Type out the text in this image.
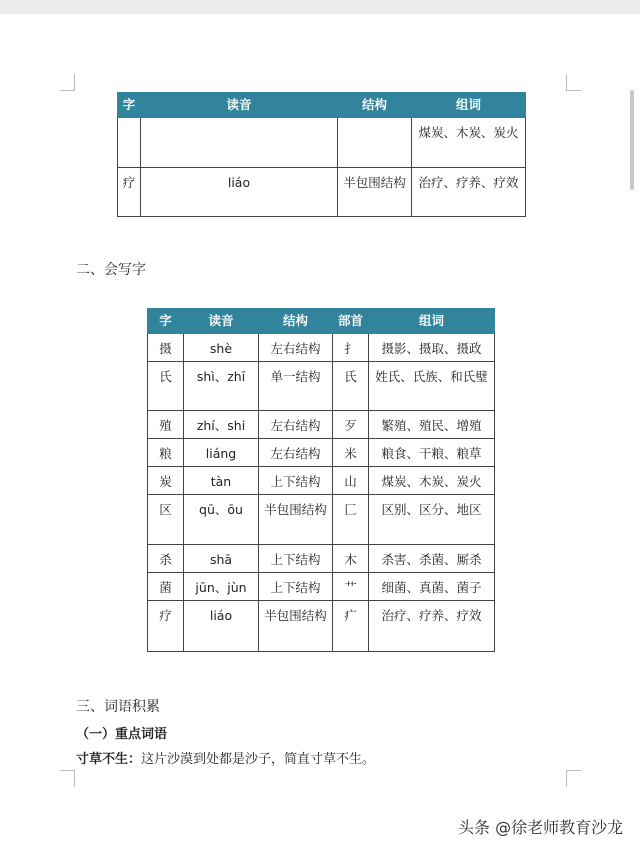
字	读音	结构	组词
			煤炭、木炭、炭火
疗	liáo	半包围结构	治疗、疗养、疗效
二、会写字
字	读音	结构	部首	组词
摄	shè	左右结构	扌	摄影、摄取、摄政
氏	shì、zhī	单一结构	氏	姓氏、氏族、和氏璧
殖	zhí、shi	左右结构	歹	繁殖、殖民、增殖
粮	liáng	左右结构	米	粮食、干粮、粮草
炭	tàn	上下结构	山	煤炭、木炭、炭火
区	qū、ōu	半包围结构	匚	区别、区分、地区
杀	shā	上下结构	木	杀害、杀菌、厮杀
菌	jūn、jùn	上下结构	艹	细菌、真菌、菌子
疗	liáo	半包围结构	疒	治疗、疗养、疗效
三、词语积累
（一）重点词语
寸草不生：这片沙漠到处都是沙子，简直寸草不生。
头条 @徐老师教育沙龙
